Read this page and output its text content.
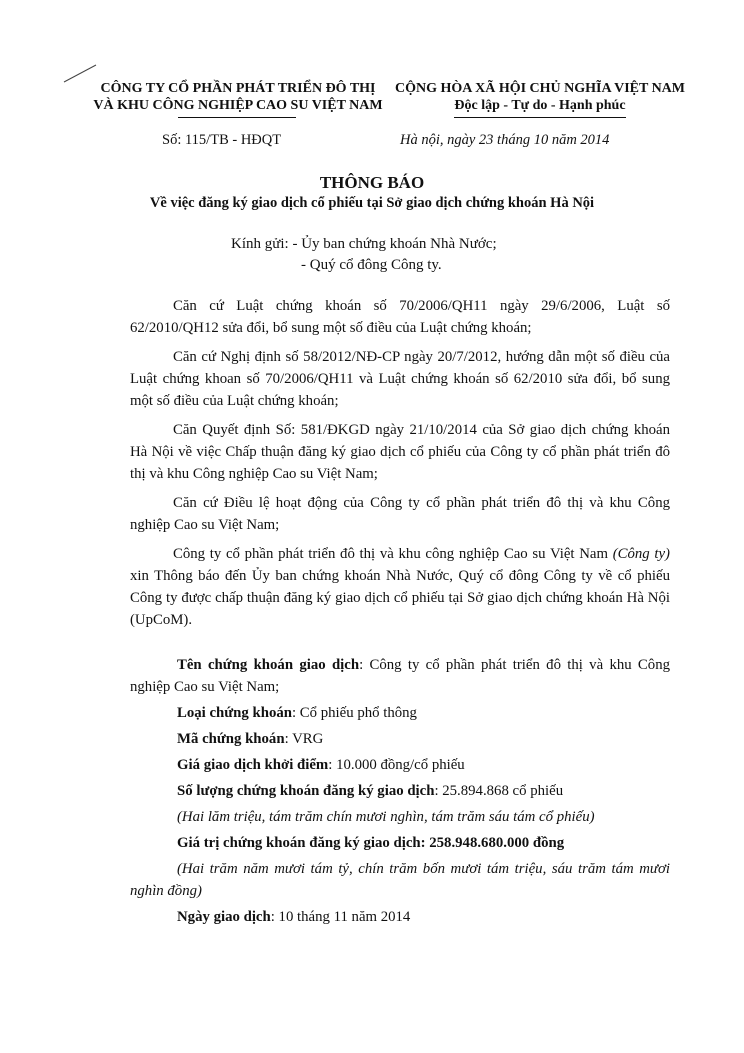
CÔNG TY CỔ PHẦN PHÁT TRIỂN ĐÔ THỊ
VÀ KHU CÔNG NGHIỆP CAO SU VIỆT NAM
CỘNG HÒA XÃ HỘI CHỦ NGHĨA VIỆT NAM
Độc lập - Tự do - Hạnh phúc
Số: 115/TB - HĐQT	Hà nội, ngày 23 tháng 10 năm 2014
THÔNG BÁO
Về việc đăng ký giao dịch cổ phiếu tại Sở giao dịch chứng khoán Hà Nội
Kính gửi: - Ủy ban chứng khoán Nhà Nước;
- Quý cổ đông Công ty.

Căn cứ Luật chứng khoán số 70/2006/QH11 ngày 29/6/2006, Luật số 62/2010/QH12 sửa đổi, bổ sung một số điều của Luật chứng khoán;

Căn cứ Nghị định số 58/2012/NĐ-CP ngày 20/7/2012, hướng dẫn một số điều của Luật chứng khoan số 70/2006/QH11 và Luật chứng khoán số 62/2010 sửa đổi, bổ sung một số điều của Luật chứng khoán;

Căn Quyết định Số: 581/ĐKGD ngày 21/10/2014 của Sở giao dịch chứng khoán Hà Nội về việc Chấp thuận đăng ký giao dịch cổ phiếu của Công ty cổ phần phát triển đô thị và khu Công nghiệp Cao su Việt Nam;

Căn cứ Điều lệ hoạt động của Công ty cổ phần phát triển đô thị và khu Công nghiệp Cao su Việt Nam;

Công ty cổ phần phát triển đô thị và khu công nghiệp Cao su Việt Nam (Công ty) xin Thông báo đến Ủy ban chứng khoán Nhà Nước, Quý cổ đông Công ty về cổ phiếu Công ty được chấp thuận đăng ký giao dịch cổ phiếu tại Sở giao dịch chứng khoán Hà Nội (UpCoM).

Tên chứng khoán giao dịch: Công ty cổ phần phát triển đô thị và khu Công nghiệp Cao su Việt Nam;
Loại chứng khoán: Cổ phiếu phổ thông
Mã chứng khoán: VRG
Giá giao dịch khởi điểm: 10.000 đồng/cổ phiếu
Số lượng chứng khoán đăng ký giao dịch: 25.894.868 cổ phiếu
(Hai lăm triệu, tám trăm chín mươi nghìn, tám trăm sáu tám cổ phiếu)
Giá trị chứng khoán đăng ký giao dịch: 258.948.680.000 đồng
(Hai trăm năm mươi tám tỷ, chín trăm bốn mươi tám triệu, sáu trăm tám mươi nghìn đồng)
Ngày giao dịch: 10 tháng 11 năm 2014
